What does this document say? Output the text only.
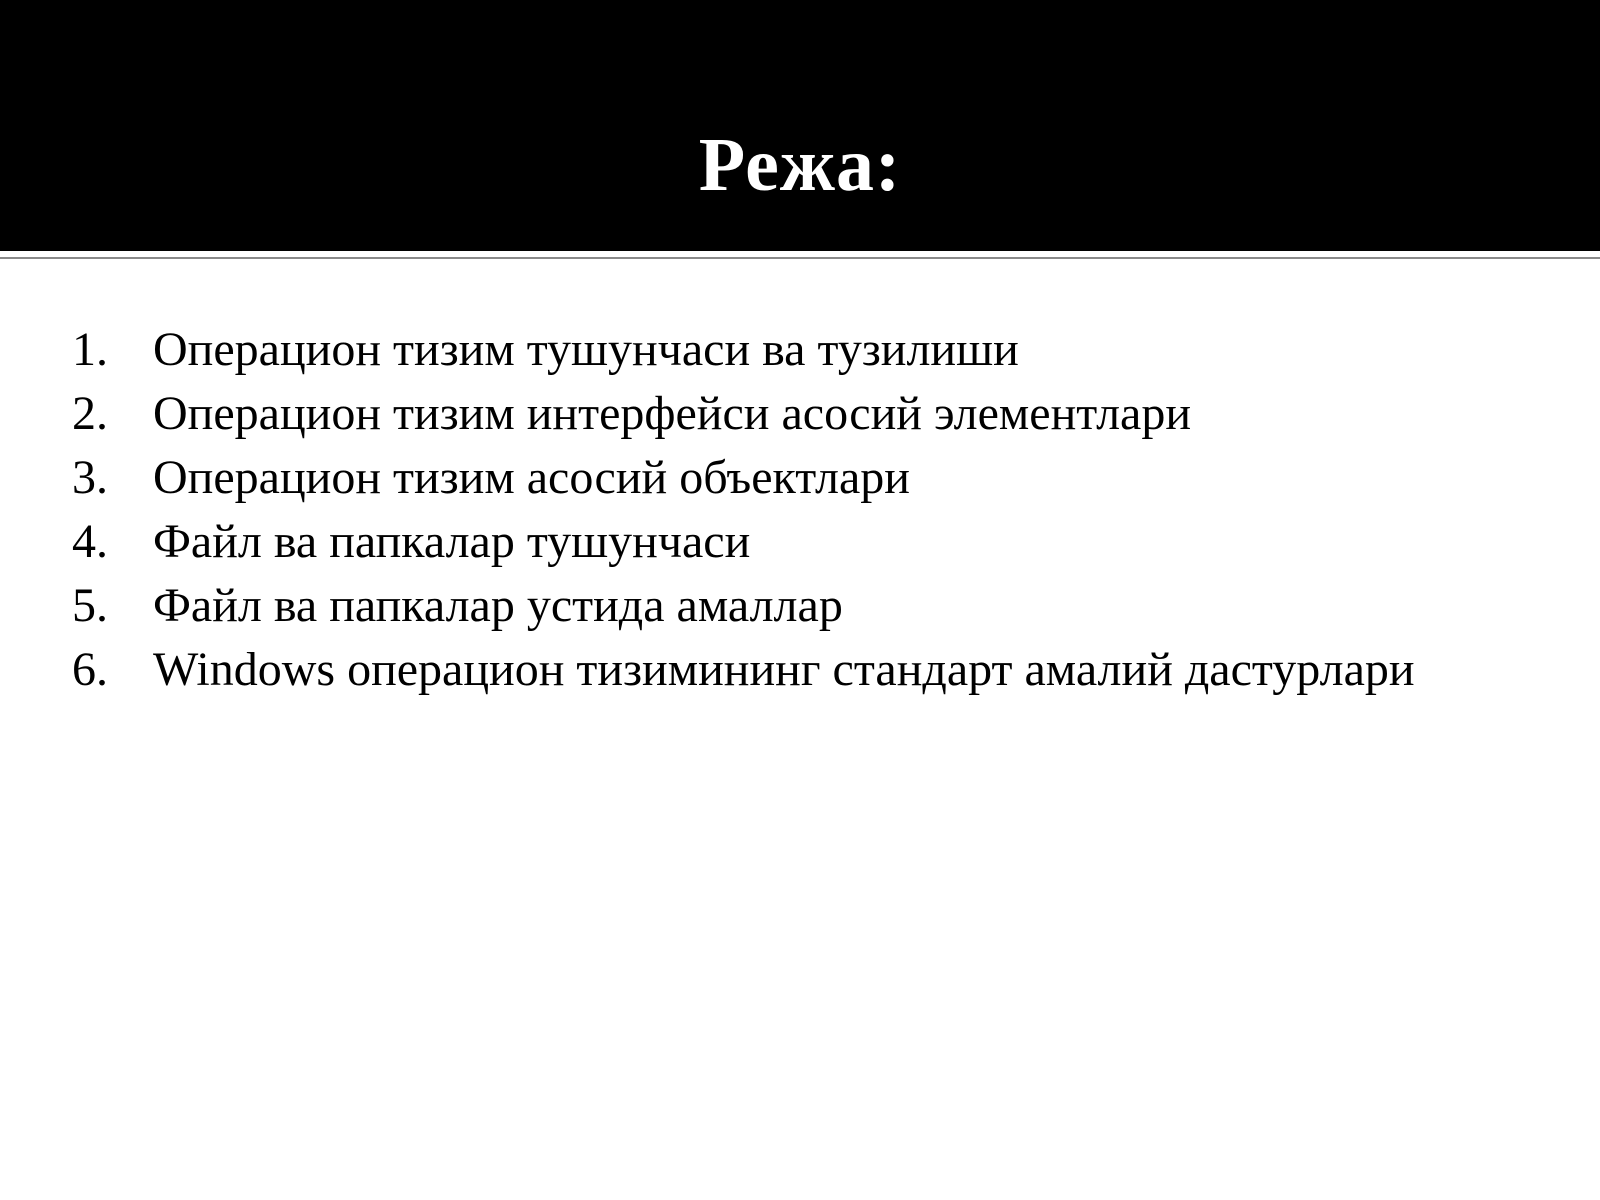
Режа:
1. Операцион тизим тушунчаси ва тузилиши
2. Операцион тизим интерфейси асосий элементлари
3. Операцион тизим асосий объектлари
4. Файл ва папкалар тушунчаси
5. Файл ва папкалар устида амаллар
6. Windows операцион тизимининг стандарт амалий дастурлари
